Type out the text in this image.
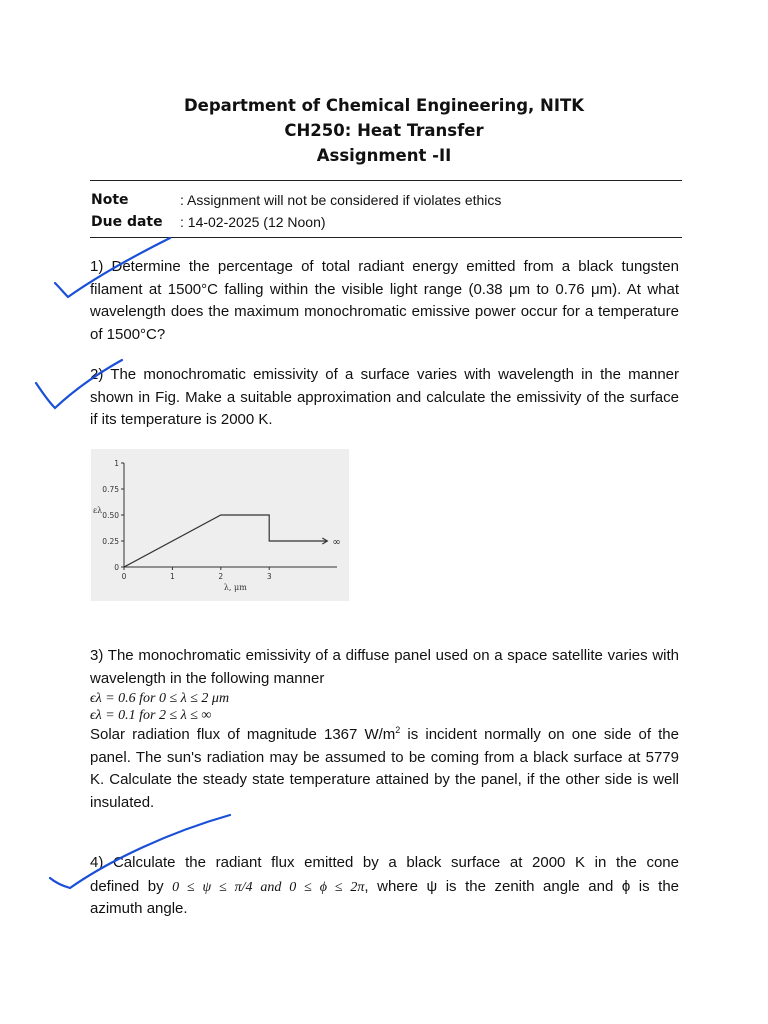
Department of Chemical Engineering, NITK
CH250: Heat Transfer
Assignment -II
Note	: Assignment will not be considered if violates ethics
Due date : 14-02-2025 (12 Noon)

1) Determine the percentage of total radiant energy emitted from a black tungsten filament at 1500°C falling within the visible light range (0.38 μm to 0.76 μm). At what wavelength does the maximum monochromatic emissive power occur for a temperature of 1500°C?

2) The monochromatic emissivity of a surface varies with wavelength in the manner shown in Fig. Make a suitable approximation and calculate the emissivity of the surface if its temperature is 2000 K.

0
0.25
0.50
0.75
1
0	1	2	3
λ, μm
ελ
∞

3) The monochromatic emissivity of a diffuse panel used on a space satellite varies with wavelength in the following manner

ϵλ = 0.6 for 0 ≤ λ ≤ 2 μm
ϵλ = 0.1 for 2 ≤ λ ≤ ∞

Solar radiation flux of magnitude 1367 $W/m^2$ is incident normally on one side of the panel. The sun's radiation may be assumed to be coming from a black surface at 5779 K. Calculate the steady state temperature attained by the panel, if the other side is well insulated.

4) Calculate the radiant flux emitted by a black surface at 2000 K in the cone
defined by 0 ≤ ψ ≤ π/4 and 0 ≤ ϕ ≤ 2π, where ψ is the zenith angle and ϕ is the
azimuth angle.
